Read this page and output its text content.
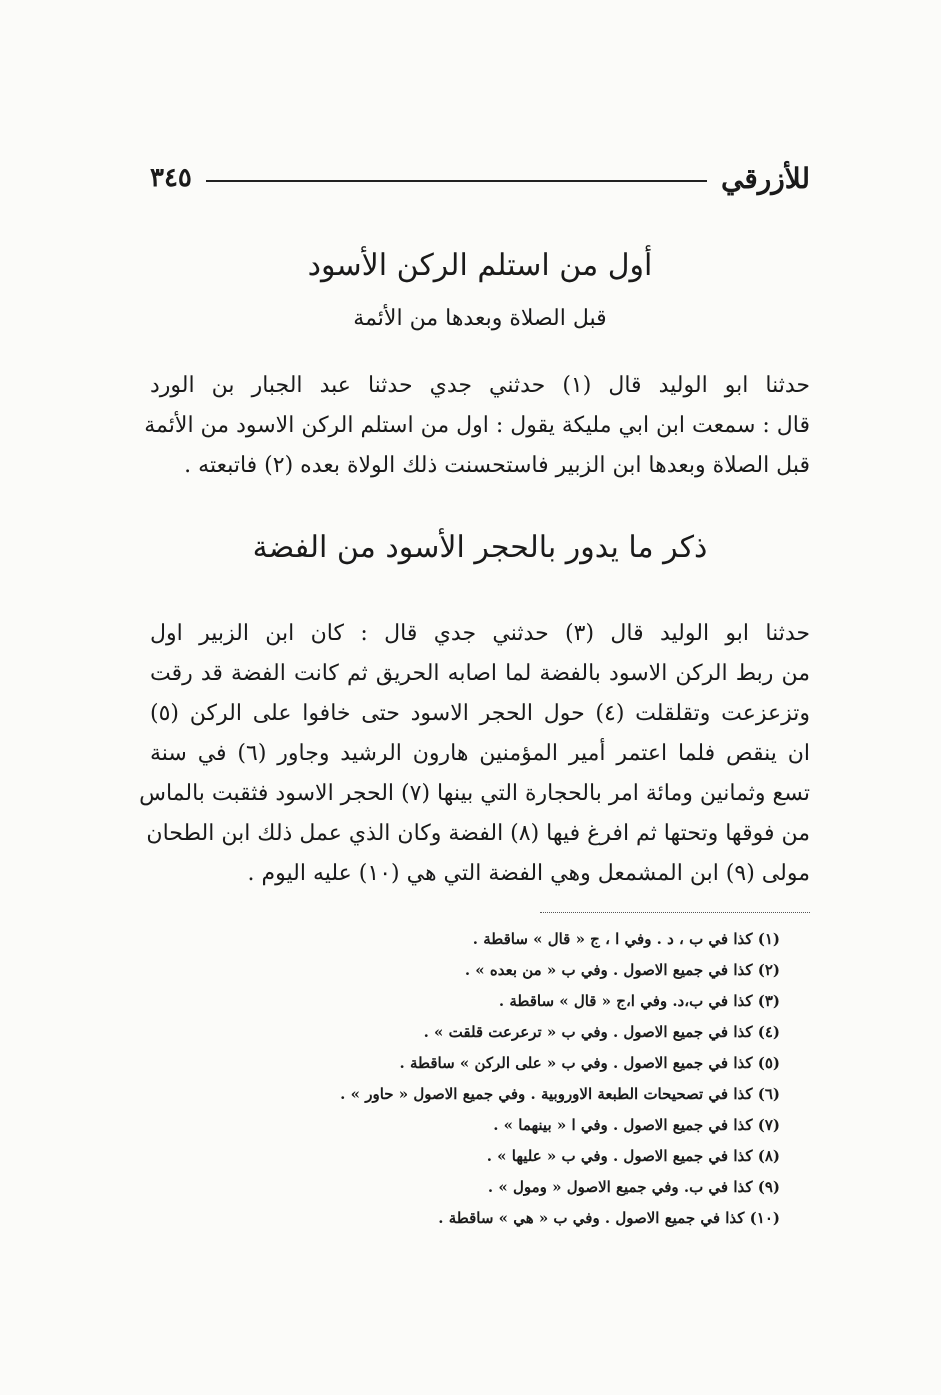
للأزرقي
٣٤٥
أول من استلم الركن الأسود
قبل الصلاة وبعدها من الأئمة
حدثنا ابو الوليد قال (١) حدثني جدي حدثنا عبد الجبار بن الورد
قال : سمعت ابن ابي مليكة يقول : اول من استلم الركن الاسود من الأئمة
قبل الصلاة وبعدها ابن الزبير فاستحسنت ذلك الولاة بعده (٢) فاتبعته .
ذكر ما يدور بالحجر الأسود من الفضة
حدثنا ابو الوليد قال (٣) حدثني جدي قال : كان ابن الزبير اول
من ربط الركن الاسود بالفضة لما اصابه الحريق ثم كانت الفضة قد رقت
وتزعزعت وتقلقلت (٤) حول الحجر الاسود حتى خافوا على الركن (٥)
ان ينقص فلما اعتمر أمير المؤمنين هارون الرشيد وجاور (٦) في سنة
تسع وثمانين ومائة امر بالحجارة التي بينها (٧) الحجر الاسود فثقبت بالماس
من فوقها وتحتها ثم افرغ فيها (٨) الفضة وكان الذي عمل ذلك ابن الطحان
مولى (٩) ابن المشمعل وهي الفضة التي هي (١٠) عليه اليوم .
(١) كذا في ب ، د . وفي ا ، ج « قال » ساقطة .
(٢) كذا في جميع الاصول . وفي ب « من بعده » .
(٣) كذا في ب،د. وفي ا،ج « قال » ساقطة .
(٤) كذا في جميع الاصول . وفي ب « ترعرعت قلقت » .
(٥) كذا في جميع الاصول . وفي ب « على الركن » ساقطة .
(٦) كذا في تصحيحات الطبعة الاوروبية . وفي جميع الاصول « حاور » .
(٧) كذا في جميع الاصول . وفي ا « بينهما » .
(٨) كذا في جميع الاصول . وفي ب « عليها » .
(٩) كذا في ب. وفي جميع الاصول « ومول » .
(١٠) كذا في جميع الاصول . وفي ب « هي » ساقطة .
